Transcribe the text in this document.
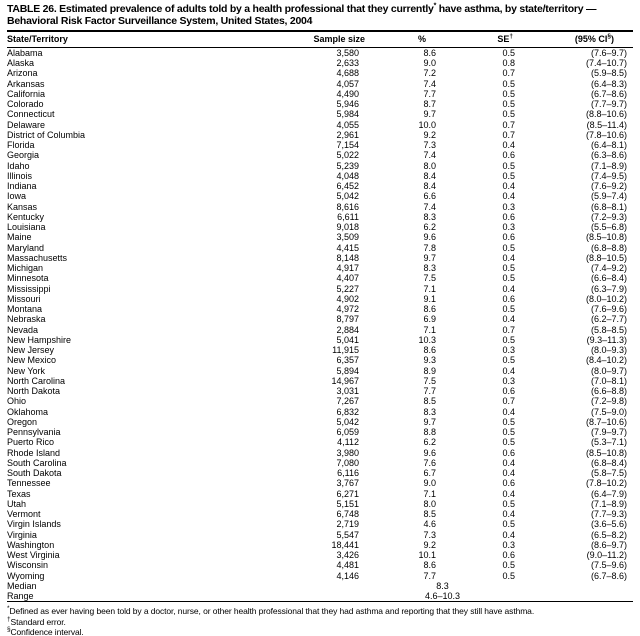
TABLE 26. Estimated prevalence of adults told by a health professional that they currently* have asthma, by state/territory —
Behavioral Risk Factor Surveillance System, United States, 2004
State/Territory	Sample size	%	SE†	(95% CI§)
Alabama	3,580	8.6	0.5	(7.6–9.7)
Alaska	2,633	9.0	0.8	(7.4–10.7)
Arizona	4,688	7.2	0.7	(5.9–8.5)
Arkansas	4,057	7.4	0.5	(6.4–8.3)
California	4,490	7.7	0.5	(6.7–8.6)
Colorado	5,946	8.7	0.5	(7.7–9.7)
Connecticut	5,984	9.7	0.5	(8.8–10.6)
Delaware	4,055	10.0	0.7	(8.5–11.4)
District of Columbia	2,961	9.2	0.7	(7.8–10.6)
Florida	7,154	7.3	0.4	(6.4–8.1)
Georgia	5,022	7.4	0.6	(6.3–8.6)
Idaho	5,239	8.0	0.5	(7.1–8.9)
Illinois	4,048	8.4	0.5	(7.4–9.5)
Indiana	6,452	8.4	0.4	(7.6–9.2)
Iowa	5,042	6.6	0.4	(5.9–7.4)
Kansas	8,616	7.4	0.3	(6.8–8.1)
Kentucky	6,611	8.3	0.6	(7.2–9.3)
Louisiana	9,018	6.2	0.3	(5.5–6.8)
Maine	3,509	9.6	0.6	(8.5–10.8)
Maryland	4,415	7.8	0.5	(6.8–8.8)
Massachusetts	8,148	9.7	0.4	(8.8–10.5)
Michigan	4,917	8.3	0.5	(7.4–9.2)
Minnesota	4,407	7.5	0.5	(6.6–8.4)
Mississippi	5,227	7.1	0.4	(6.3–7.9)
Missouri	4,902	9.1	0.6	(8.0–10.2)
Montana	4,972	8.6	0.5	(7.6–9.6)
Nebraska	8,797	6.9	0.4	(6.2–7.7)
Nevada	2,884	7.1	0.7	(5.8–8.5)
New Hampshire	5,041	10.3	0.5	(9.3–11.3)
New Jersey	11,915	8.6	0.3	(8.0–9.3)
New Mexico	6,357	9.3	0.5	(8.4–10.2)
New York	5,894	8.9	0.4	(8.0–9.7)
North Carolina	14,967	7.5	0.3	(7.0–8.1)
North Dakota	3,031	7.7	0.6	(6.6–8.8)
Ohio	7,267	8.5	0.7	(7.2–9.8)
Oklahoma	6,832	8.3	0.4	(7.5–9.0)
Oregon	5,042	9.7	0.5	(8.7–10.6)
Pennsylvania	6,059	8.8	0.5	(7.9–9.7)
Puerto Rico	4,112	6.2	0.5	(5.3–7.1)
Rhode Island	3,980	9.6	0.6	(8.5–10.8)
South Carolina	7,080	7.6	0.4	(6.8–8.4)
South Dakota	6,116	6.7	0.4	(5.8–7.5)
Tennessee	3,767	9.0	0.6	(7.8–10.2)
Texas	6,271	7.1	0.4	(6.4–7.9)
Utah	5,151	8.0	0.5	(7.1–8.9)
Vermont	6,748	8.5	0.4	(7.7–9.3)
Virgin Islands	2,719	4.6	0.5	(3.6–5.6)
Virginia	5,547	7.3	0.4	(6.5–8.2)
Washington	18,441	9.2	0.3	(8.6–9.7)
West Virginia	3,426	10.1	0.6	(9.0–11.2)
Wisconsin	4,481	8.6	0.5	(7.5–9.6)
Wyoming	4,146	7.7	0.5	(6.7–8.6)
Median		8.3		
Range		4.6–10.3		
*Defined as ever having been told by a doctor, nurse, or other health professional that they had asthma and reporting that they still have asthma.
†Standard error.
§Confidence interval.
